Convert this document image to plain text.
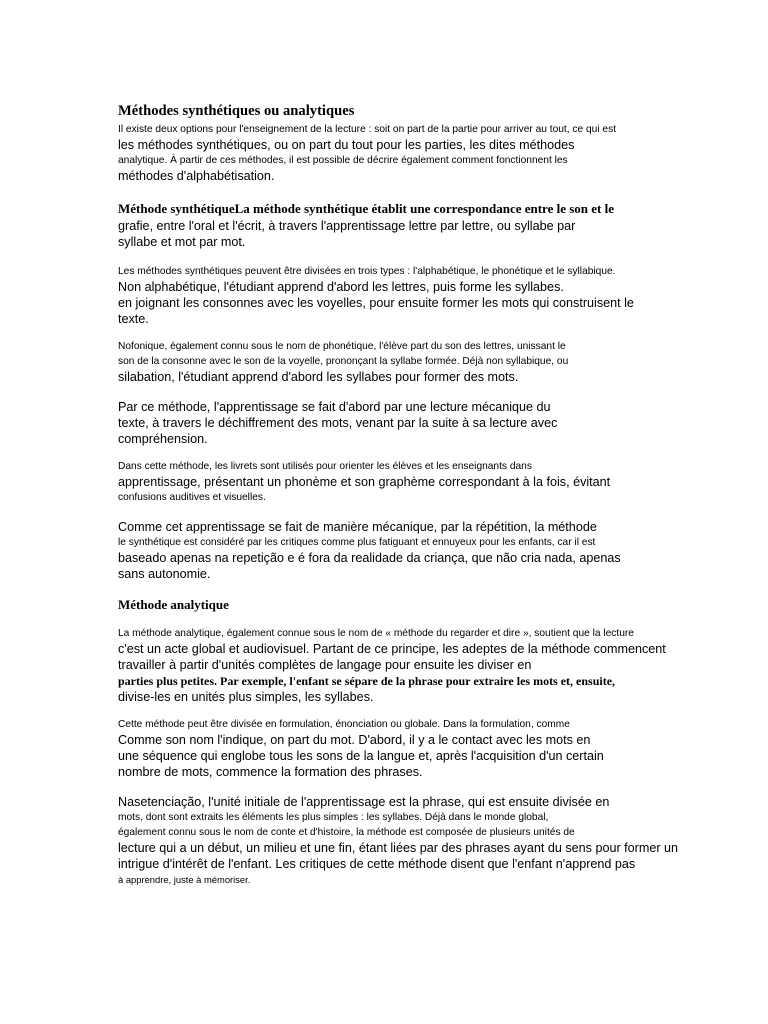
Méthodes synthétiques ou analytiques
Il existe deux options pour l'enseignement de la lecture : soit on part de la partie pour arriver au tout, ce qui est
les méthodes synthétiques, ou on part du tout pour les parties, les dites méthodes
analytique. À partir de ces méthodes, il est possible de décrire également comment fonctionnent les
méthodes d'alphabétisation.
Méthode synthétiqueLa méthode synthétique établit une correspondance entre le son et le
grafie, entre l'oral et l'écrit, à travers l'apprentissage lettre par lettre, ou syllabe par
syllabe et mot par mot.
Les méthodes synthétiques peuvent être divisées en trois types : l'alphabétique, le phonétique et le syllabique.
Non alphabétique, l'étudiant apprend d'abord les lettres, puis forme les syllabes.
en joignant les consonnes avec les voyelles, pour ensuite former les mots qui construisent le
texte.
Nofonique, également connu sous le nom de phonétique, l'élève part du son des lettres, unissant le
son de la consonne avec le son de la voyelle, prononçant la syllabe formée. Déjà non syllabique, ou
silabation, l'étudiant apprend d'abord les syllabes pour former des mots.
Par ce méthode, l'apprentissage se fait d'abord par une lecture mécanique du
texte, à travers le déchiffrement des mots, venant par la suite à sa lecture avec
compréhension.
Dans cette méthode, les livrets sont utilisés pour orienter les élèves et les enseignants dans
apprentissage, présentant un phonème et son graphème correspondant à la fois, évitant
confusions auditives et visuelles.
Comme cet apprentissage se fait de manière mécanique, par la répétition, la méthode
le synthétique est considéré par les critiques comme plus fatiguant et ennuyeux pour les enfants, car il est
baseado apenas na repetição e é fora da realidade da criança, que não cria nada, apenas
sans autonomie.
Méthode analytique
La méthode analytique, également connue sous le nom de « méthode du regarder et dire », soutient que la lecture
c'est un acte global et audiovisuel. Partant de ce principe, les adeptes de la méthode commencent
travailler à partir d'unités complètes de langage pour ensuite les diviser en
parties plus petites. Par exemple, l'enfant se sépare de la phrase pour extraire les mots et, ensuite,
divise-les en unités plus simples, les syllabes.
Cette méthode peut être divisée en formulation, énonciation ou globale. Dans la formulation, comme
Comme son nom l'indique, on part du mot. D'abord, il y a le contact avec les mots en
une séquence qui englobe tous les sons de la langue et, après l'acquisition d'un certain
nombre de mots, commence la formation des phrases.
Nasetenciação, l'unité initiale de l'apprentissage est la phrase, qui est ensuite divisée en
mots, dont sont extraits les éléments les plus simples : les syllabes. Déjà dans le monde global,
également connu sous le nom de conte et d'histoire, la méthode est composée de plusieurs unités de
lecture qui a un début, un milieu et une fin, étant liées par des phrases ayant du sens pour former un
intrigue d'intérêt de l'enfant. Les critiques de cette méthode disent que l'enfant n'apprend pas
à apprendre, juste à mémoriser.
